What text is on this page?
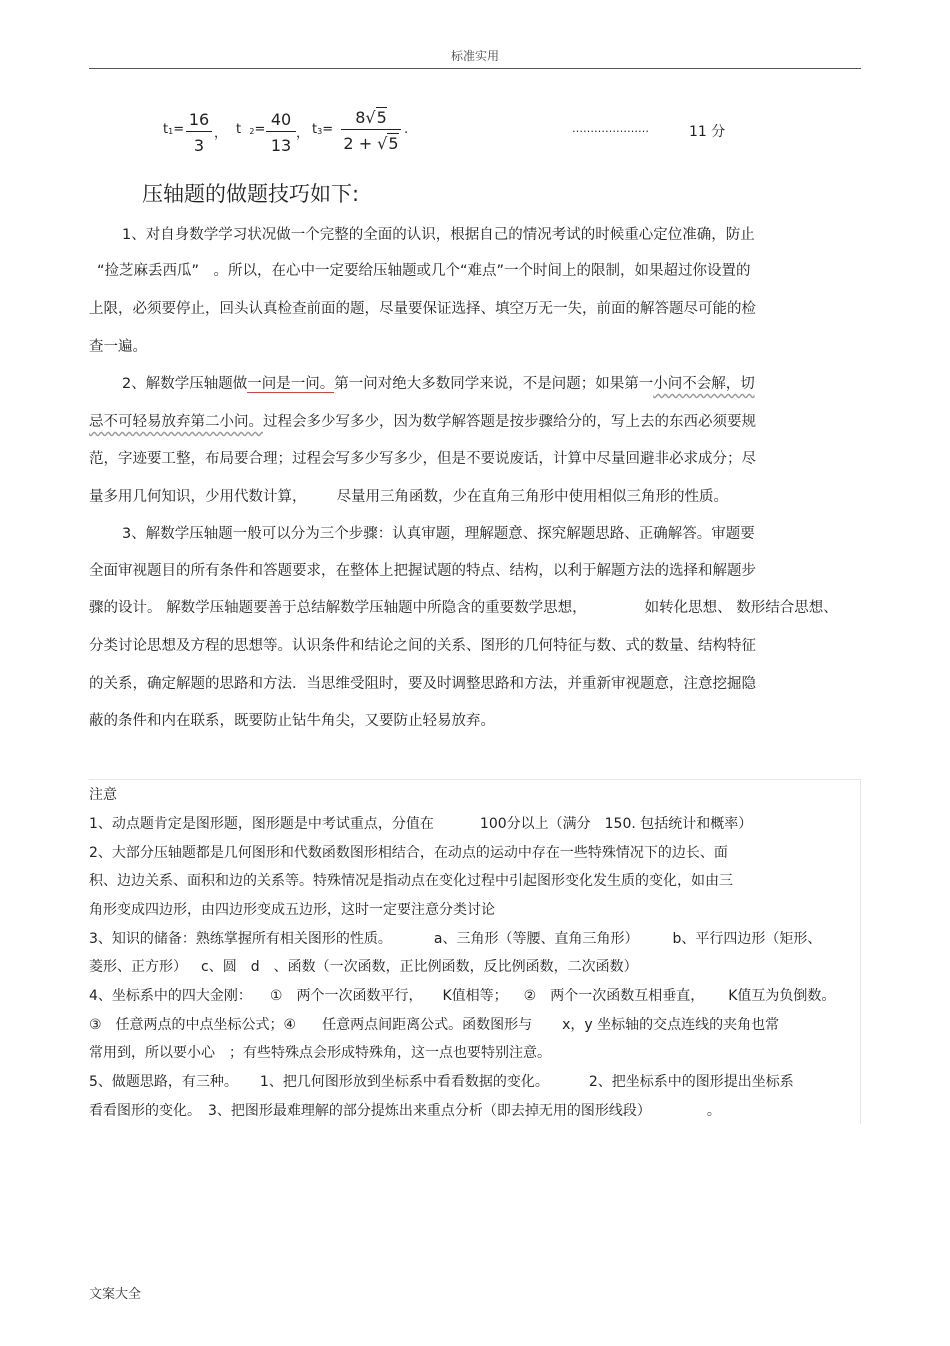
标准实用
$t_1= \frac{16}{3}$ ， t $_2= \frac{40}{13}$ ， $t_3= \frac{8√5}{2 + √5}$ .	…………………	11 分
压轴题的做题技巧如下:
1、对自身数学学习状况做一个完整的全面的认识，根据自己的情况考试的时候重心定位准确，防止
“捡芝麻丢西瓜”　。所以，在心中一定要给压轴题或几个“难点”一个时间上的限制，如果超过你设置的
上限，必须要停止，回头认真检查前面的题，尽量要保证选择、填空万无一失，前面的解答题尽可能的检
查一遍。
2、解数学压轴题做一问是一问。第一问对绝大多数同学来说，不是问题；如果第一小问不会解，切
忌不可轻易放弃第二小问。过程会多少写多少，因为数学解答题是按步骤给分的，写上去的东西必须要规
范，字迹要工整，布局要合理；过程会写多少写多少，但是不要说废话，计算中尽量回避非必求成分；尽
量多用几何知识，少用代数计算， 尽量用三角函数，少在直角三角形中使用相似三角形的性质。
3、解数学压轴题一般可以分为三个步骤：认真审题，理解题意、探究解题思路、正确解答。审题要
全面审视题目的所有条件和答题要求，在整体上把握试题的特点、结构，以利于解题方法的选择和解题步
骤的设计。 解数学压轴题要善于总结解数学压轴题中所隐含的重要数学思想，	如转化思想、 数形结合思想、
分类讨论思想及方程的思想等。认识条件和结论之间的关系、图形的几何特征与数、式的数量、结构特征
的关系，确定解题的思路和方法．当思维受阻时，要及时调整思路和方法，并重新审视题意，注意挖掘隐
蔽的条件和内在联系，既要防止钻牛角尖，又要防止轻易放弃。
注意
1、动点题肯定是图形题，图形题是中考试重点，分值在	100分以上（满分　150. 包括统计和概率）
2、大部分压轴题都是几何图形和代数函数图形相结合，在动点的运动中存在一些特殊情况下的边长、面
积、边边关系、面积和边的关系等。特殊情况是指动点在变化过程中引起图形变化发生质的变化，如由三
角形变成四边形，由四边形变成五边形，这时一定要注意分类讨论
3、知识的储备：熟练掌握所有相关图形的性质。	a、三角形（等腰、直角三角形） b、平行四边形（矩形、
菱形、正方形） c、圆　d　、函数（一次函数，正比例函数，反比例函数，二次函数）
4、坐标系中的四大金刚： ①　两个一次函数平行， K值相等； ②　两个一次函数互相垂直， K值互为负倒数。
③　任意两点的中点坐标公式；④ 任意两点间距离公式。函数图形与 x，y 坐标轴的交点连线的夹角也常
常用到，所以要小心　；有些特殊点会形成特殊角，这一点也要特别注意。
5、做题思路，有三种。 1、把几何图形放到坐标系中看看数据的变化。	2、把坐标系中的图形提出坐标系
看看图形的变化。　3、把图形最难理解的部分提炼出来重点分析（即去掉无用的图形线段）	。
文案大全
